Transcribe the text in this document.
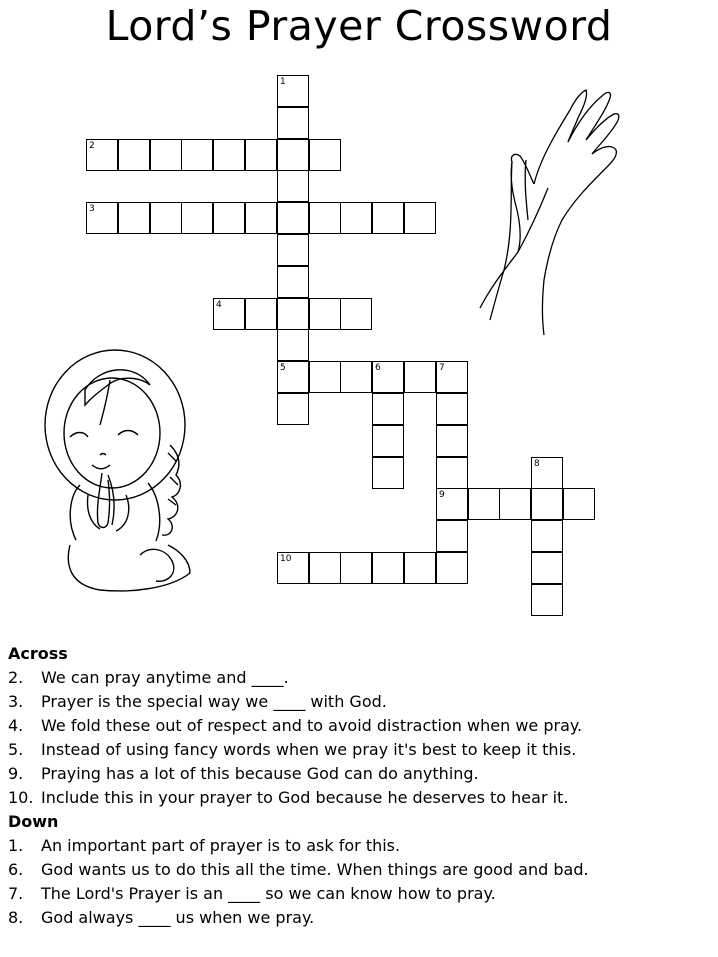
Lord’s Prayer Crossword
1
5
2
3
4
6	7
9
8
10
Across
2.	We can pray anytime and ____.
3.	Prayer is the special way we ____ with God.
4.	We fold these out of respect and to avoid distraction when we pray.
5.	Instead of using fancy words when we pray it's best to keep it this.
9.	Praying has a lot of this because God can do anything.
10. Include this in your prayer to God because he deserves to hear it.
Down
1.	An important part of prayer is to ask for this.
6.	God wants us to do this all the time. When things are good and bad.
7.	The Lord's Prayer is an ____ so we can know how to pray.
8.	God always ____ us when we pray.
